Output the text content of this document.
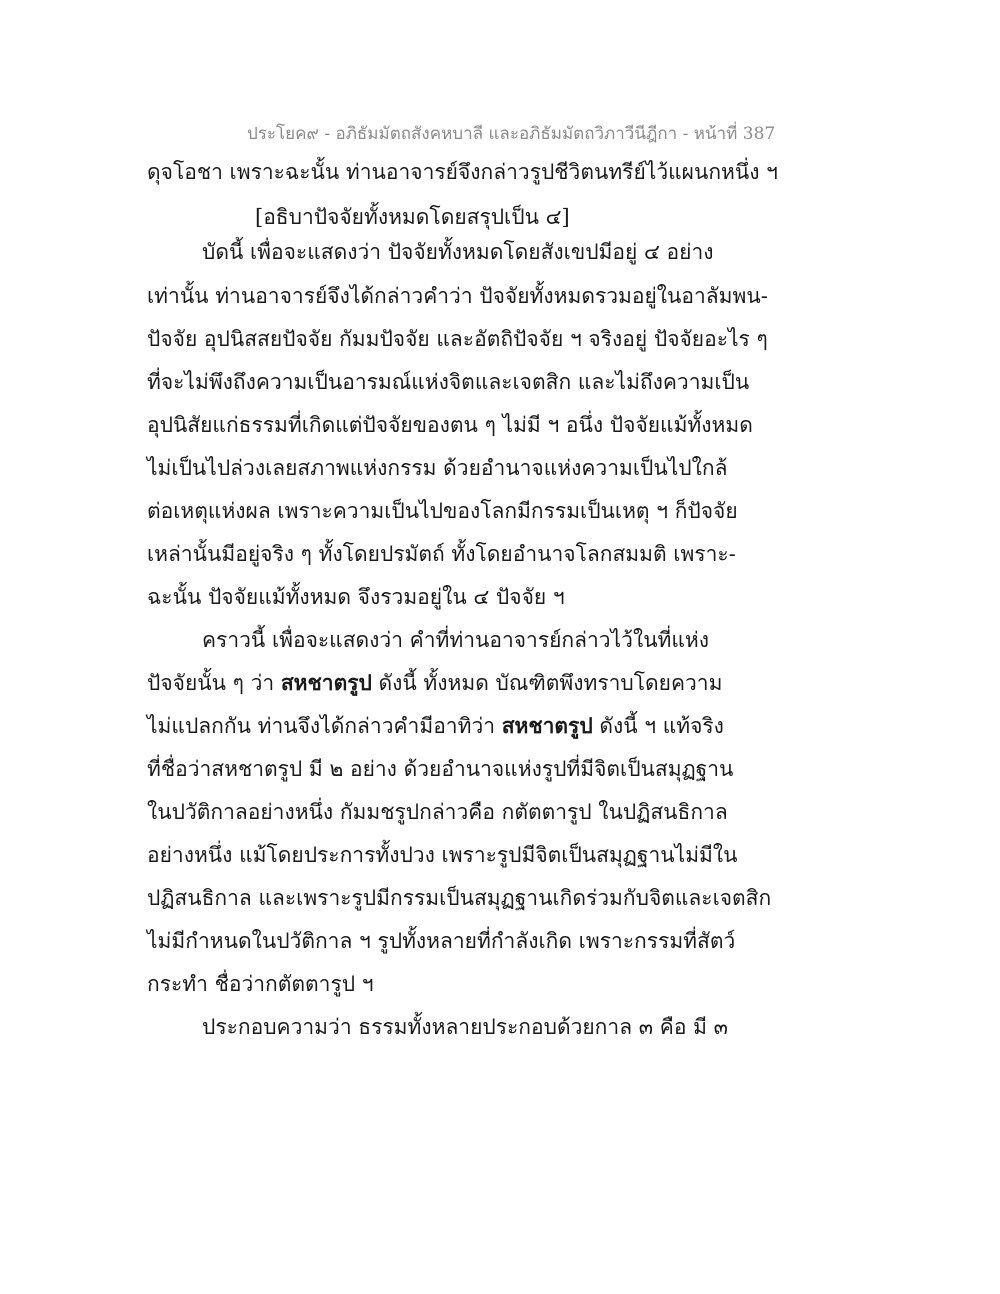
ประโยค๙ - อภิธัมมัตถสังคหบาลี และอภิธัมมัตถวิภาวีนีฎีกา - หน้าที่ 387
ดุจโอชา เพราะฉะนั้น ท่านอาจารย์จึงกล่าวรูปชีวิตนทรีย์ไว้แผนกหนึ่ง ฯ
[อธิบาปัจจัยทั้งหมดโดยสรุปเป็น ๔]
บัดนี้ เพื่อจะแสดงว่า ปัจจัยทั้งหมดโดยสังเขปมีอยู่ ๔ อย่าง
เท่านั้น ท่านอาจารย์จึงได้กล่าวคำว่า ปัจจัยทั้งหมดรวมอยู่ในอาลัมพน-
ปัจจัย อุปนิสสยปัจจัย กัมมปัจจัย และอัตถิปัจจัย ฯ จริงอยู่ ปัจจัยอะไร ๆ
ที่จะไม่พึงถึงความเป็นอารมณ์แห่งจิตและเจตสิก และไม่ถึงความเป็น
อุปนิสัยแก่ธรรมที่เกิดแต่ปัจจัยของตน ๆ ไม่มี ฯ อนึ่ง ปัจจัยแม้ทั้งหมด
ไม่เป็นไปล่วงเลยสภาพแห่งกรรม ด้วยอำนาจแห่งความเป็นไปใกล้
ต่อเหตุแห่งผล เพราะความเป็นไปของโลกมีกรรมเป็นเหตุ ฯ ก็ปัจจัย
เหล่านั้นมีอยู่จริง ๆ ทั้งโดยปรมัตถ์ ทั้งโดยอำนาจโลกสมมติ เพราะ-
ฉะนั้น ปัจจัยแม้ทั้งหมด จึงรวมอยู่ใน ๔ ปัจจัย ฯ
คราวนี้ เพื่อจะแสดงว่า คำที่ท่านอาจารย์กล่าวไว้ในที่แห่ง
ปัจจัยนั้น ๆ ว่า สหชาตรูป ดังนี้ ทั้งหมด บัณฑิตพึงทราบโดยความ
ไม่แปลกกัน ท่านจึงได้กล่าวคำมีอาทิว่า สหชาตรูป ดังนี้ ฯ แท้จริง
ที่ชื่อว่าสหชาตรูป มี ๒ อย่าง ด้วยอำนาจแห่งรูปที่มีจิตเป็นสมุฏฐาน
ในปวัติกาลอย่างหนึ่ง กัมมชรูปกล่าวคือ กตัตตารูป ในปฏิสนธิกาล
อย่างหนึ่ง แม้โดยประการทั้งปวง เพราะรูปมีจิตเป็นสมุฏฐานไม่มีใน
ปฏิสนธิกาล และเพราะรูปมีกรรมเป็นสมุฏฐานเกิดร่วมกับจิตและเจตสิก
ไม่มีกำหนดในปวัติกาล ฯ รูปทั้งหลายที่กำลังเกิด เพราะกรรมที่สัตว์
กระทำ ชื่อว่ากตัตตารูป ฯ
ประกอบความว่า ธรรมทั้งหลายประกอบด้วยกาล ๓ คือ มี ๓
